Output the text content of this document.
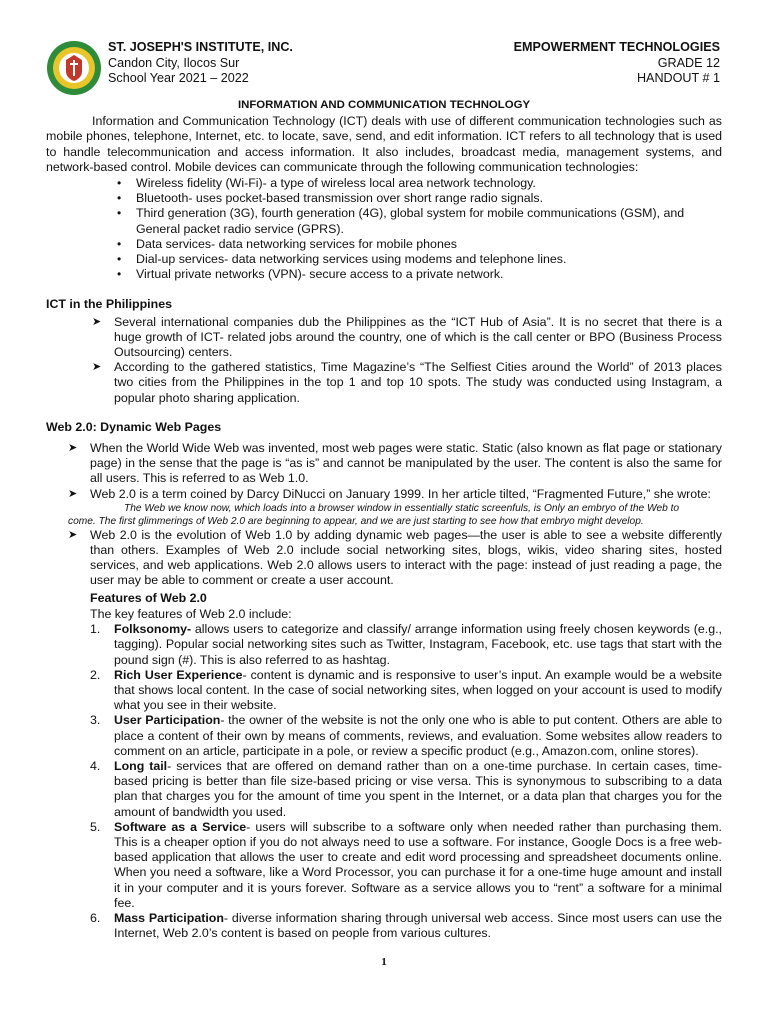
ST. JOSEPH'S INSTITUTE, INC.
Candon City, Ilocos Sur
School Year 2021 – 2022
EMPOWERMENT TECHNOLOGIES
GRADE 12
HANDOUT # 1
INFORMATION AND COMMUNICATION TECHNOLOGY

Information and Communication Technology (ICT) deals with use of different communication technologies such as mobile phones, telephone, Internet, etc. to locate, save, send, and edit information. ICT refers to all technology that is used to handle telecommunication and access information. It also includes, broadcast media, management systems, and network-based control. Mobile devices can communicate through the following communication technologies:

• Wireless fidelity (Wi-Fi)- a type of wireless local area network technology.
• Bluetooth- uses pocket-based transmission over short range radio signals.
• Third generation (3G), fourth generation (4G), global system for mobile communications (GSM), and General packet radio service (GPRS).
• Data services- data networking services for mobile phones
• Dial-up services- data networking services using modems and telephone lines.
• Virtual private networks (VPN)- secure access to a private network.
ICT in the Philippines
➤ Several international companies dub the Philippines as the “ICT Hub of Asia”. It is no secret that there is a huge growth of ICT- related jobs around the country, one of which is the call center or BPO (Business Process Outsourcing) centers.
➤ According to the gathered statistics, Time Magazine’s “The Selfiest Cities around the World” of 2013 places two cities from the Philippines in the top 1 and top 10 spots. The study was conducted using Instagram, a popular photo sharing application.
Web 2.0: Dynamic Web Pages
➤ When the World Wide Web was invented, most web pages were static. Static (also known as flat page or stationary page) in the sense that the page is “as is” and cannot be manipulated by the user. The content is also the same for all users. This is referred to as Web 1.0.
➤ Web 2.0 is a term coined by Darcy DiNucci on January 1999. In her article tilted, “Fragmented Future,” she wrote:
The Web we know now, which loads into a browser window in essentially static screenfuls, is Only an embryo of the Web to
come. The first glimmerings of Web 2.0 are beginning to appear, and we are just starting to see how that embryo might develop.
➤ Web 2.0 is the evolution of Web 1.0 by adding dynamic web pages—the user is able to see a website differently than others. Examples of Web 2.0 include social networking sites, blogs, wikis, video sharing sites, hosted services, and web applications. Web 2.0 allows users to interact with the page: instead of just reading a page, the user may be able to comment or create a user account.
Features of Web 2.0
The key features of Web 2.0 include:
1. Folksonomy- allows users to categorize and classify/ arrange information using freely chosen keywords (e.g., tagging). Popular social networking sites such as Twitter, Instagram, Facebook, etc. use tags that start with the pound sign (#). This is also referred to as hashtag.
2. Rich User Experience- content is dynamic and is responsive to user’s input. An example would be a website that shows local content. In the case of social networking sites, when logged on your account is used to modify what you see in their website.
3. User Participation- the owner of the website is not the only one who is able to put content. Others are able to place a content of their own by means of comments, reviews, and evaluation. Some websites allow readers to comment on an article, participate in a pole, or review a specific product (e.g., Amazon.com, online stores).
4. Long tail- services that are offered on demand rather than on a one-time purchase. In certain cases, time-based pricing is better than file size-based pricing or vise versa. This is synonymous to subscribing to a data plan that charges you for the amount of time you spent in the Internet, or a data plan that charges you for the amount of bandwidth you used.
5. Software as a Service- users will subscribe to a software only when needed rather than purchasing them. This is a cheaper option if you do not always need to use a software. For instance, Google Docs is a free web-based application that allows the user to create and edit word processing and spreadsheet documents online. When you need a software, like a Word Processor, you can purchase it for a one-time huge amount and install it in your computer and it is yours forever. Software as a service allows you to “rent” a software for a minimal fee.
6. Mass Participation- diverse information sharing through universal web access. Since most users can use the Internet, Web 2.0’s content is based on people from various cultures.
1
